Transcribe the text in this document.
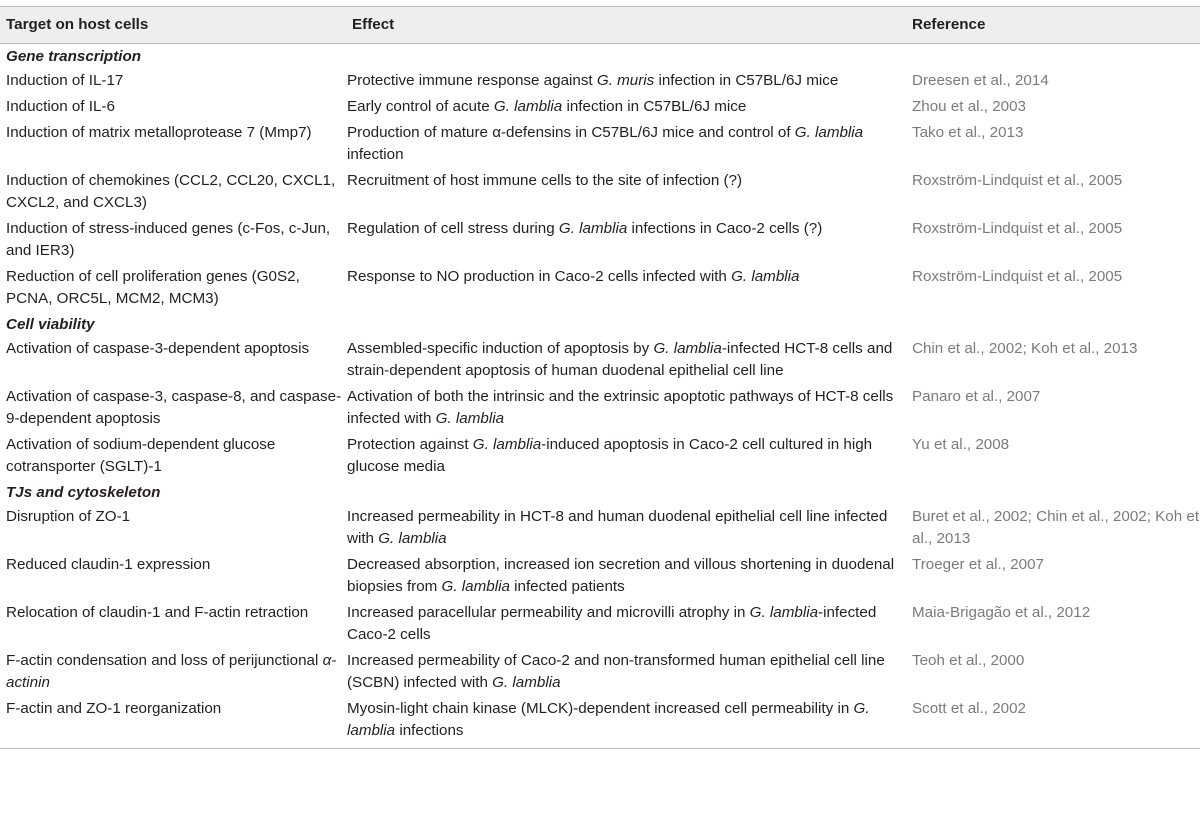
Target on host cells	Effect	Reference
Gene transcription		
Induction of IL-17	Protective immune response against G. muris infection in C57BL/6J mice	Dreesen et al., 2014
Induction of IL-6	Early control of acute G. lamblia infection in C57BL/6J mice	Zhou et al., 2003
Induction of matrix metalloprotease 7 (Mmp7)	Production of mature α-defensins in C57BL/6J mice and control of G. lamblia infection	Tako et al., 2013
Induction of chemokines (CCL2, CCL20, CXCL1, CXCL2, and CXCL3)	Recruitment of host immune cells to the site of infection (?)	Roxström-Lindquist et al., 2005
Induction of stress-induced genes (c-Fos, c-Jun, and IER3)	Regulation of cell stress during G. lamblia infections in Caco-2 cells (?)	Roxström-Lindquist et al., 2005
Reduction of cell proliferation genes (G0S2, PCNA, ORC5L, MCM2, MCM3)	Response to NO production in Caco-2 cells infected with G. lamblia	Roxström-Lindquist et al., 2005
Cell viability		
Activation of caspase-3-dependent apoptosis	Assembled-specific induction of apoptosis by G. lamblia-infected HCT-8 cells and strain-dependent apoptosis of human duodenal epithelial cell line	Chin et al., 2002; Koh et al., 2013
Activation of caspase-3, caspase-8, and caspase-9-dependent apoptosis	Activation of both the intrinsic and the extrinsic apoptotic pathways of HCT-8 cells infected with G. lamblia	Panaro et al., 2007
Activation of sodium-dependent glucose cotransporter (SGLT)-1	Protection against G. lamblia-induced apoptosis in Caco-2 cell cultured in high glucose media	Yu et al., 2008
TJs and cytoskeleton		
Disruption of ZO-1	Increased permeability in HCT-8 and human duodenal epithelial cell line infected with G. lamblia	Buret et al., 2002; Chin et al., 2002; Koh et al., 2013
Reduced claudin-1 expression	Decreased absorption, increased ion secretion and villous shortening in duodenal biopsies from G. lamblia infected patients	Troeger et al., 2007
Relocation of claudin-1 and F-actin retraction	Increased paracellular permeability and microvilli atrophy in G. lamblia-infected Caco-2 cells	Maia-Brigagão et al., 2012
F-actin condensation and loss of perijunctional α-actinin	Increased permeability of Caco-2 and non-transformed human epithelial cell line (SCBN) infected with G. lamblia	Teoh et al., 2000
F-actin and ZO-1 reorganization	Myosin-light chain kinase (MLCK)-dependent increased cell permeability in G. lamblia infections	Scott et al., 2002
